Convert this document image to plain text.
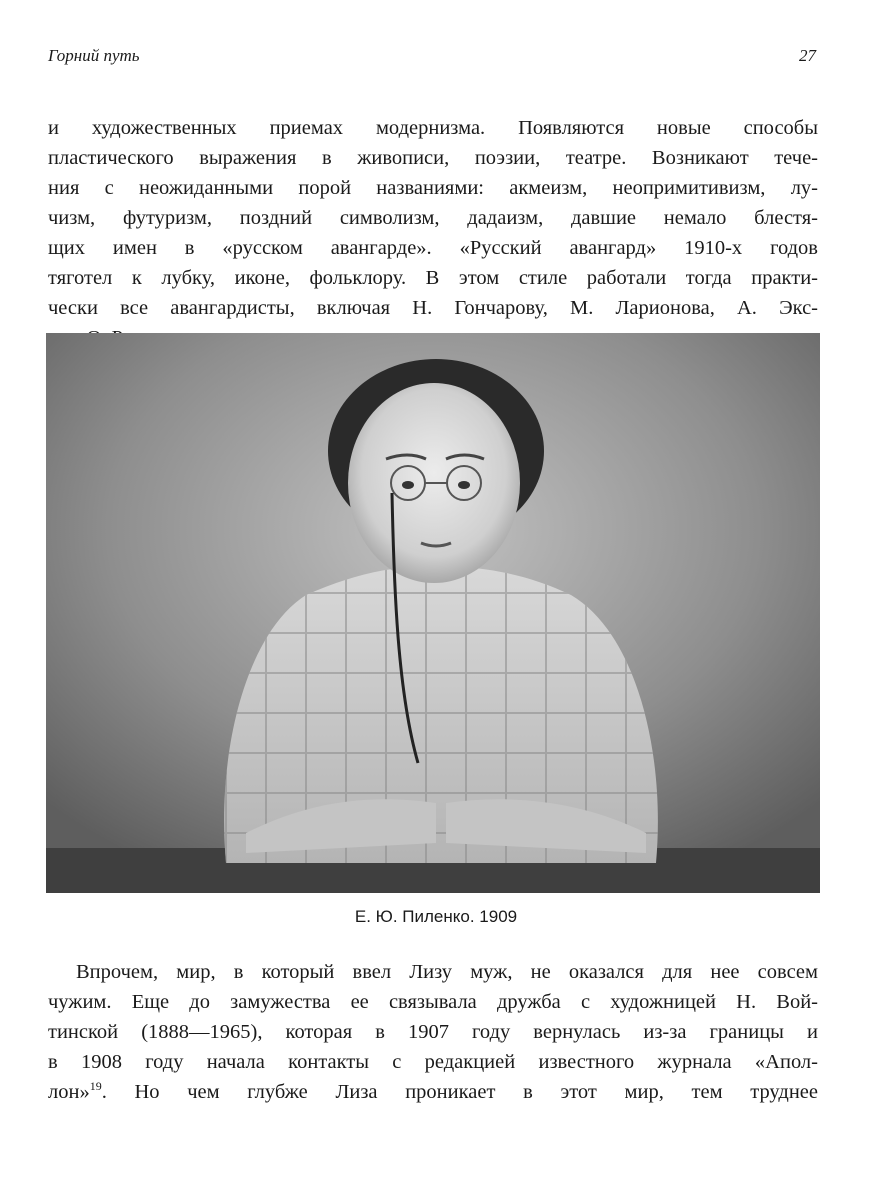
Горний путь	27

и художественных приемах модернизма. Появляются новые способы
пластического выражения в живописи, поэзии, театре. Возникают тече-
ния с неожиданными порой названиями: акмеизм, неопримитивизм, лу-
чизм, футуризм, поздний символизм, дадаизм, давшие немало блестя-
щих имен в «русском авангарде». «Русский авангард» 1910-х годов
тяготел к лубку, иконе, фольклору. В этом стиле работали тогда практи-
чески все авангардисты, включая Н. Гончарову, М. Ларионова, А. Экс-

Е. Ю. Пиленко. 1909

Впрочем, мир, в который ввел Лизу муж, не оказался для нее совсем
чужим. Еще до замужества ее связывала дружба с художницей Н. Вой-
тинской (1888—1965), которая в 1907 году вернулась из-за границы и
в 1908 году начала контакты с редакцией известного журнала «Апол-
лон»$^{19}$. Но чем глубже Лиза проникает в этот мир, тем труднее
